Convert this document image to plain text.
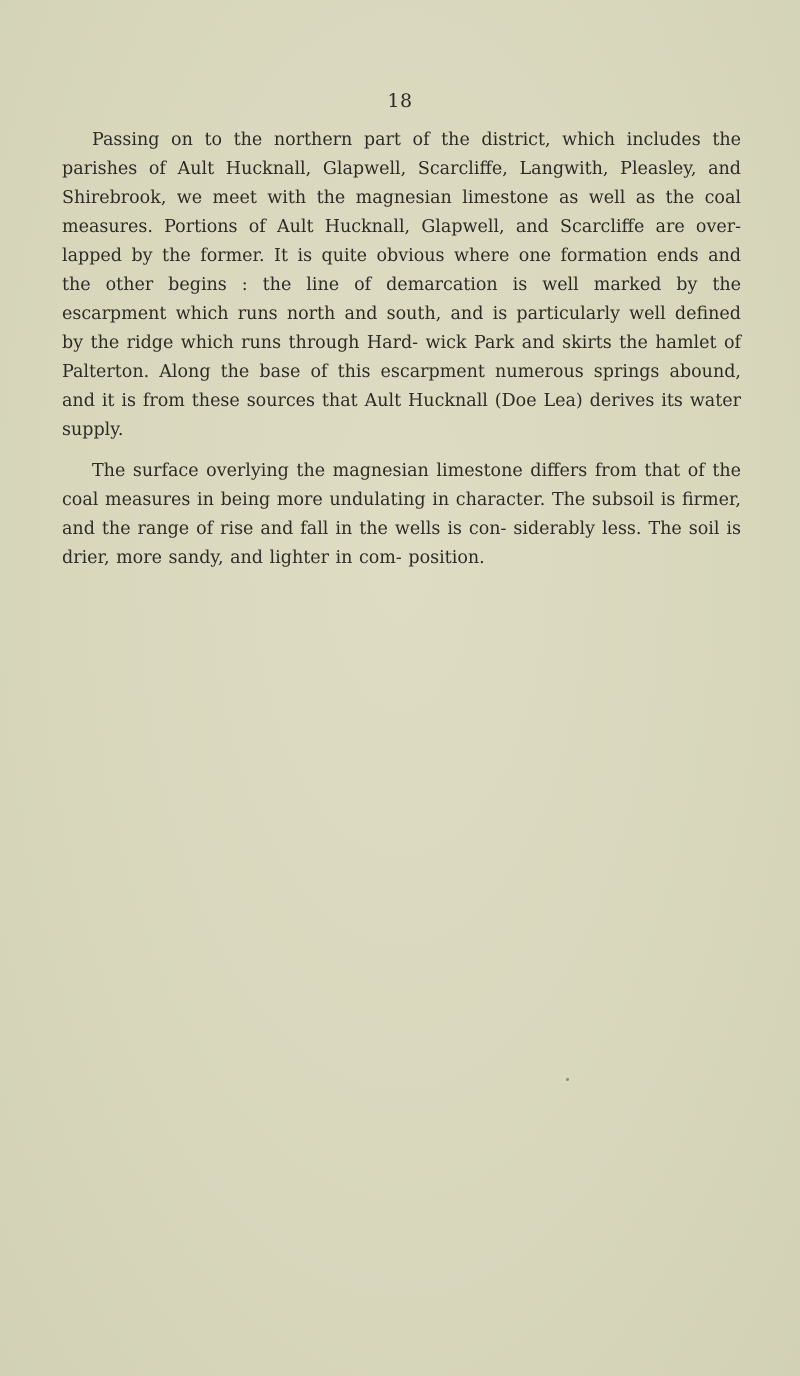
18

Passing on to the northern part of the district, which includes the parishes of Ault Hucknall, Glapwell, Scarcliffe, Langwith, Pleasley, and Shirebrook, we meet with the magnesian limestone as well as the coal measures. Portions of Ault Hucknall, Glapwell, and Scarcliffe are over-lapped by the former. It is quite obvious where one formation ends and the other begins : the line of demarcation is well marked by the escarpment which runs north and south, and is particularly well defined by the ridge which runs through Hard- wick Park and skirts the hamlet of Palterton. Along the base of this escarpment numerous springs abound, and it is from these sources that Ault Hucknall (Doe Lea) derives its water supply.

The surface overlying the magnesian limestone differs from that of the coal measures in being more undulating in character. The subsoil is firmer, and the range of rise and fall in the wells is con- siderably less. The soil is drier, more sandy, and lighter in com- position.
